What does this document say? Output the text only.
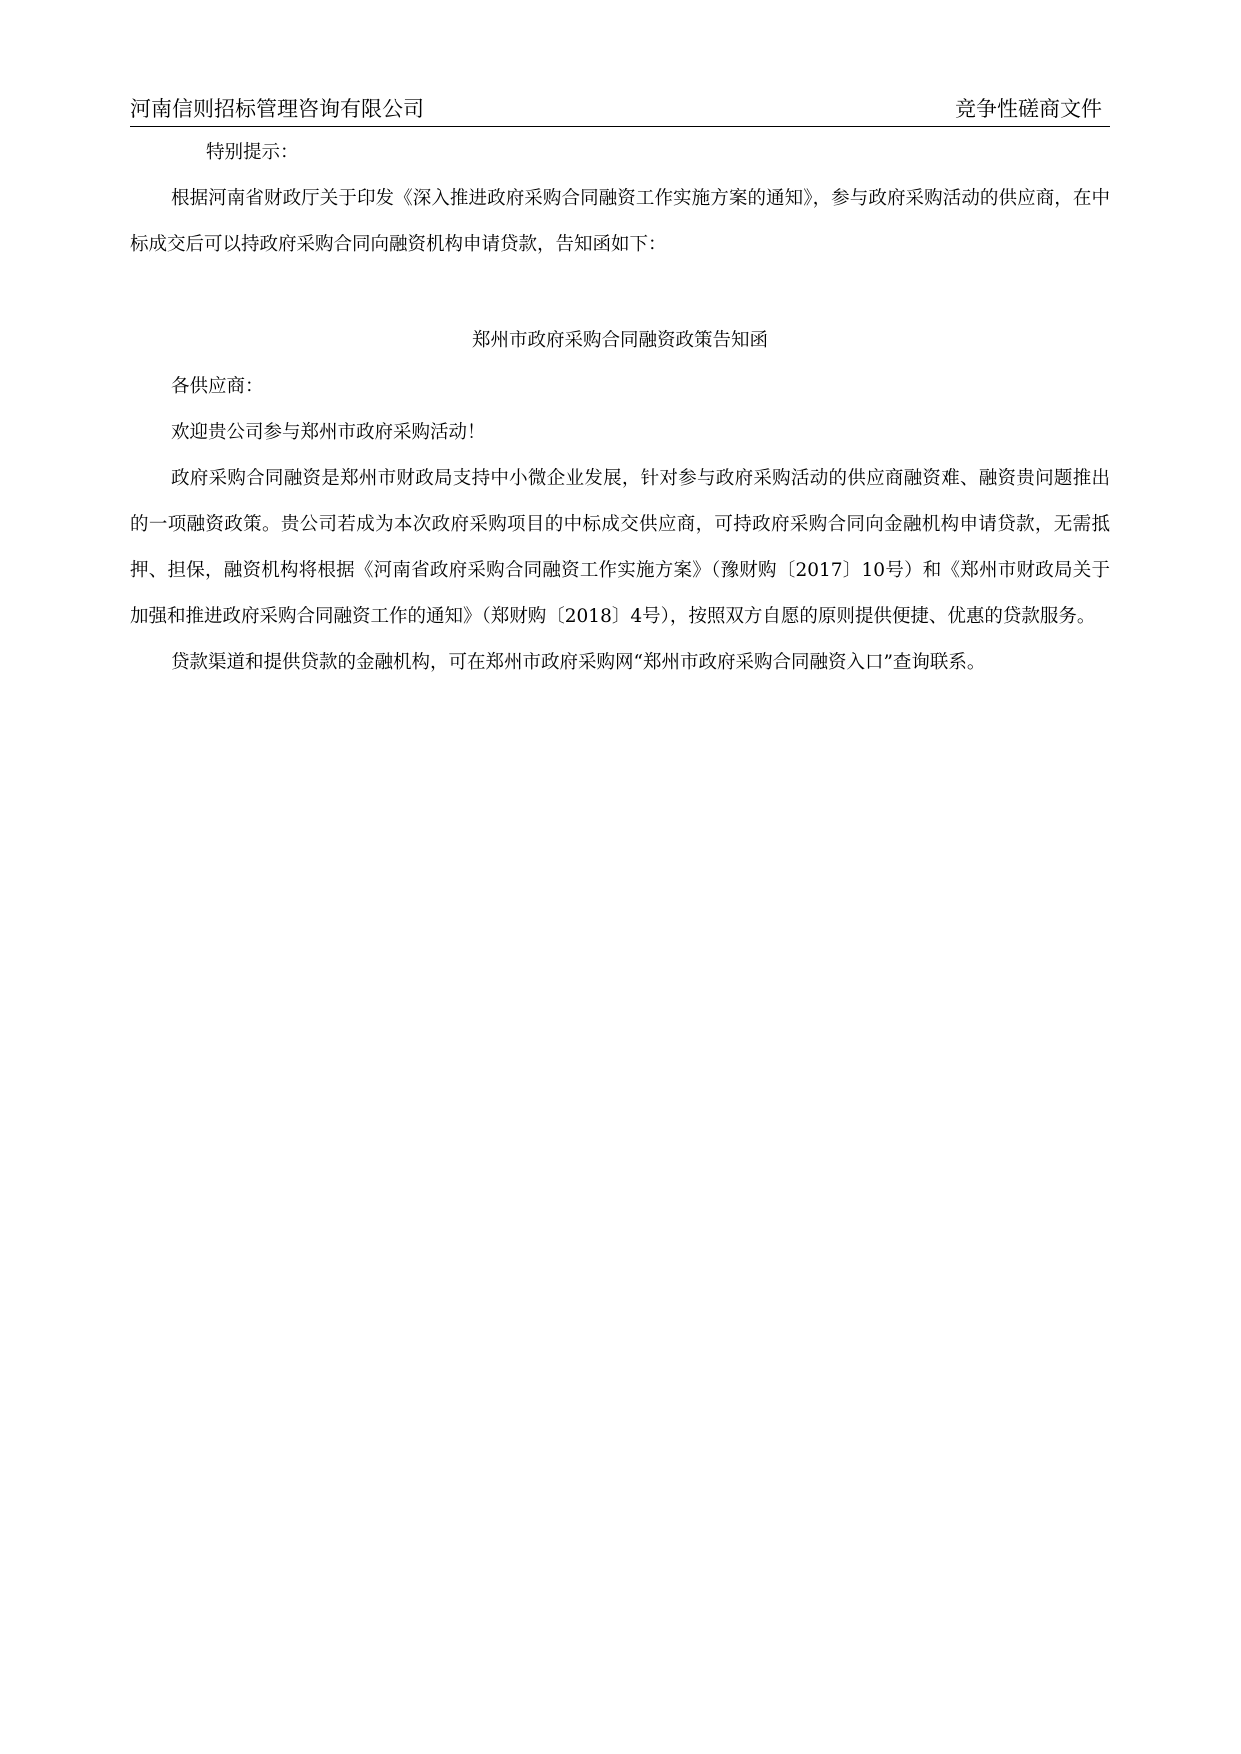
河南信则招标管理咨询有限公司	竞争性磋商文件

特别提示：

根据河南省财政厅关于印发《深入推进政府采购合同融资工作实施方案的通知》，参与政府采购活动的供应商，在中标成交后可以持政府采购合同向融资机构申请贷款，告知函如下：

郑州市政府采购合同融资政策告知函

各供应商：

欢迎贵公司参与郑州市政府采购活动！

政府采购合同融资是郑州市财政局支持中小微企业发展，针对参与政府采购活动的供应商融资难、融资贵问题推出的一项融资政策。贵公司若成为本次政府采购项目的中标成交供应商，可持政府采购合同向金融机构申请贷款，无需抵押、担保，融资机构将根据《河南省政府采购合同融资工作实施方案》（豫财购〔2017〕10号）和《郑州市财政局关于加强和推进政府采购合同融资工作的通知》（郑财购〔2018〕4号），按照双方自愿的原则提供便捷、优惠的贷款服务。

贷款渠道和提供贷款的金融机构，可在郑州市政府采购网“郑州市政府采购合同融资入口”查询联系。
